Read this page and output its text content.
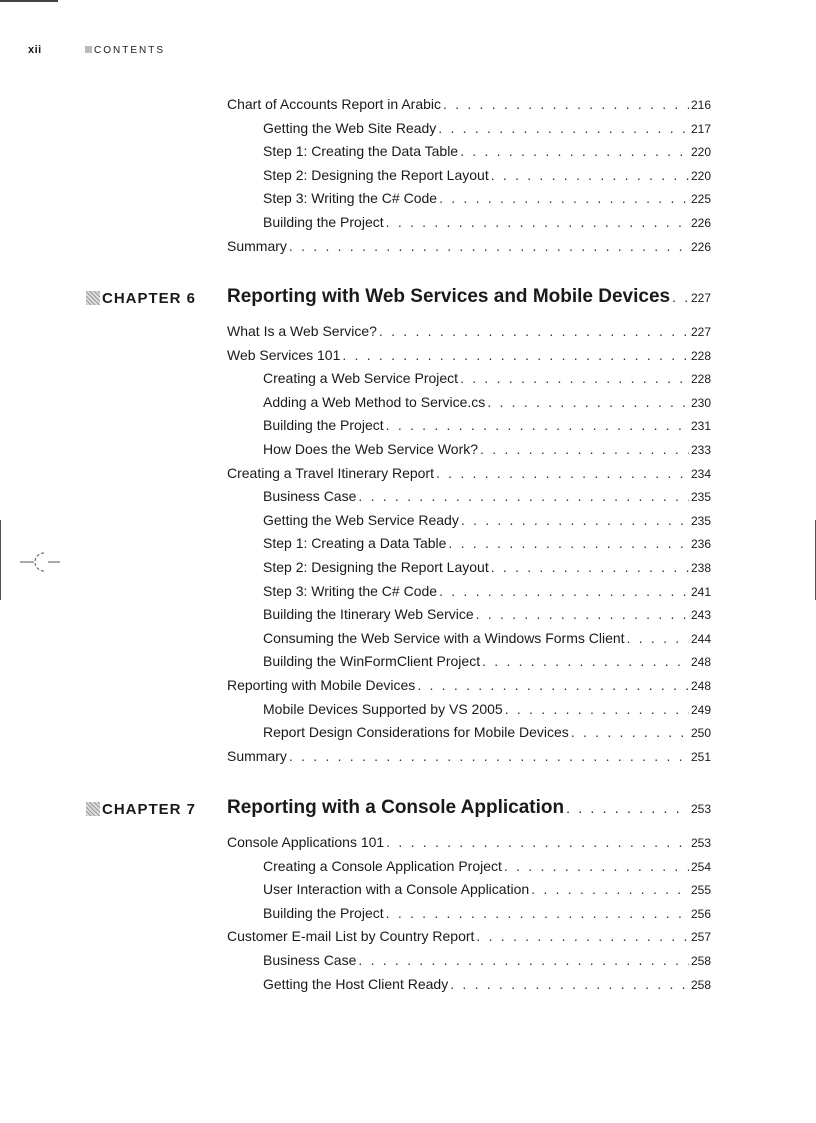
xii	CONTENTS
Chart of Accounts Report in Arabic . . .	216
Getting the Web Site Ready . . .	217
Step 1: Creating the Data Table . . .	220
Step 2: Designing the Report Layout . . .	220
Step 3: Writing the C# Code . . .	225
Building the Project . . .	226
Summary . . .	226
CHAPTER 6 Reporting with Web Services and Mobile Devices . . . 227
What Is a Web Service? . . .	227
Web Services 101 . . .	228
Creating a Web Service Project . . .	228
Adding a Web Method to Service.cs . . .	230
Building the Project . . .	231
How Does the Web Service Work? . . .	233
Creating a Travel Itinerary Report . . .	234
Business Case . . .	235
Getting the Web Service Ready . . .	235
Step 1: Creating a Data Table . . .	236
Step 2: Designing the Report Layout . . .	238
Step 3: Writing the C# Code . . .	241
Building the Itinerary Web Service . . .	243
Consuming the Web Service with a Windows Forms Client . . .	244
Building the WinFormClient Project . . .	248
Reporting with Mobile Devices . . .	248
Mobile Devices Supported by VS 2005 . . .	249
Report Design Considerations for Mobile Devices . . .	250
Summary . . .	251
CHAPTER 7 Reporting with a Console Application . . .	253
Console Applications 101 . . .	253
Creating a Console Application Project . . .	254
User Interaction with a Console Application . . .	255
Building the Project . . .	256
Customer E-mail List by Country Report . . .	257
Business Case . . .	258
Getting the Host Client Ready . . .	258
